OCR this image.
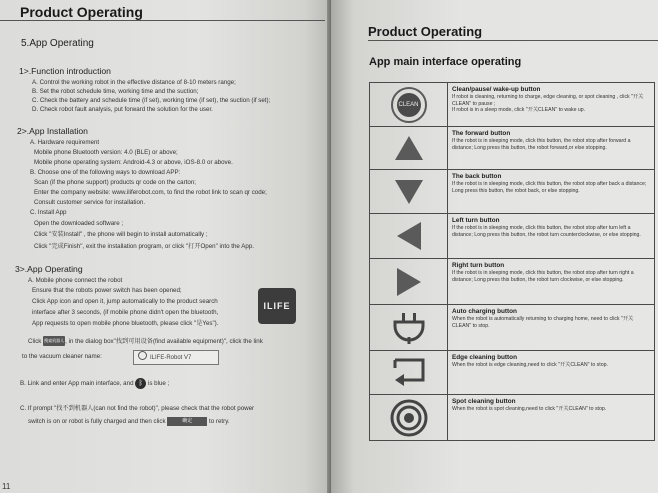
Product Operating
5.App Operating
1>.Function introduction
A. Control the working robot in the effective distance of 8-10 meters range;
B. Set the robot schedule time, working time and the suction;
C. Check the battery and schedule time (if set), working time (if set), the suction (if set);
D. Check robot fault analysis, put forward the solution for the user.
2>.App Installation
A. Hardware requirement
Mobile phone Bluetooth version: 4.0 (BLE) or above;
Mobile phone operating system: Android-4.3 or above, iOS-8.0 or above.
B. Choose one of the following ways to download APP:
Scan (if the phone support) products qr code on the carton;
Enter the company website: www.iliferobot.com, to find the robot link to scan qr code;
Consult customer service for installation.
C. Install App
Open the downloaded software ;
Click "安装Install" , the phone will begin to install automatically ;
Click "完成Finish", exit the installation program, or click "打开Open" into the App.
3>.App Operating
A. Mobile phone connect the robot
Ensure that the robots power switch has been opened;
Click App icon and open it, jump automatically to the product search
interface after 3 seconds, (if mobile phone didn't open the bluetooth,
App requests to open mobile phone bluetooth, please click "是Yes").
ILIFE
Click 搜索机器人, in the dialog box"找到可用设备(find available equipment)", click the link
to the vacuum cleaner name:	ILIFE-Robot V7
B. Link and enter App main interface, and ᛒ is blue ;
C. If prompt "找不到机器人(can not find the robot)", please check that the robot power
switch is on or robot is fully charged and then click	确定	to retry.
11
Product Operating
App main interface operating
CLEAN
Clean/pause/ wake-up button
If robot is cleaning, returning to charge, edge cleaning, or spot cleaning , click "开关CLEAN" to pause ;
If robot is in a sleep mode, click "开关CLEAN" to wake up.
The forward button
If the robot is in sleeping mode, click this button, the robot stop after forward a distance; Long press this button, the robot forward,or else stopping.
The back button
If the robot is in sleeping mode, click this button, the robot stop after back a distance; Long press this button, the robot back, or else stopping.
Left turn button
If the robot is in sleeping mode, click this button, the robot stop after turn left a distance; Long press this button, the robot turn counterclockwise, or else stopping.
Right turn button
If the robot is in sleeping mode, click this button, the robot stop after turn right a distance; Long press this button, the robot turn clockwise, or else stopping.
Auto charging button
When the robot is automatically returning to charging home, need to click "开关CLEAN" to stop.
Edge cleaning button
When the robot is edge cleaning,need to click "开关CLEAN" to stop.
Spot cleaning button
When the robot is spot cleaning,need to click "开关CLEAN" to stop.
